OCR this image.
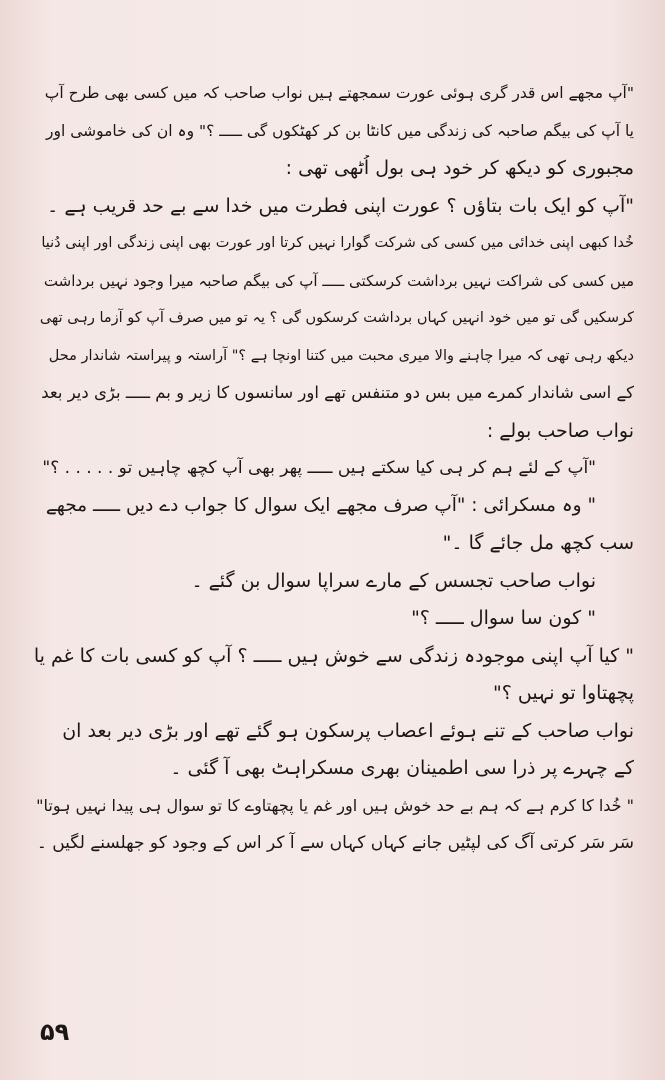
"آپ مجھے اس قدر گری ہوئی عورت سمجھتے ہیں نواب صاحب کہ میں کسی بھی طرح آپ
یا آپ کی بیگم صاحبہ کی زندگی میں کانٹا بن کر کھٹکوں گی ـــــ ؟" وہ ان کی خاموشی اور
مجبوری کو دیکھ کر خود ہی بول اُٹھی تھی :
"آپ کو ایک بات بتاؤں ؟ عورت اپنی فطرت میں خدا سے بے حد قریب ہے ۔
خُدا کبھی اپنی خدائی میں کسی کی شرکت گوارا نہیں کرتا اور عورت بھی اپنی زندگی اور اپنی دُنیا
میں کسی کی شراکت نہیں برداشت کرسکتی ـــــ آپ کی بیگم صاحبہ میرا وجود نہیں برداشت
کرسکیں گی تو میں خود انہیں کہاں برداشت کرسکوں گی ؟ یہ تو میں صرف آپ کو آزما رہی تھی
دیکھ رہی تھی کہ میرا چاہنے والا میری محبت میں کتنا اونچا ہے ؟" آراستہ و پیراستہ شاندار محل
کے اسی شاندار کمرے میں بس دو متنفس تھے اور سانسوں کا زیر و بم ـــــ بڑی دیر بعد
نواب صاحب بولے :
"آپ کے لئے ہم کر ہی کیا سکتے ہیں ـــــ پھر بھی آپ کچھ چاہیں تو . . . . . ؟"
" وہ مسکرائی : "آپ صرف مجھے ایک سوال کا جواب دے دیں ـــــ مجھے
سب کچھ مل جائے گا ۔"
نواب صاحب تجسس کے مارے سراپا سوال بن گئے ۔
" کون سا سوال ـــــ ؟"
" کیا آپ اپنی موجودہ زندگی سے خوش ہیں ـــــ ؟ آپ کو کسی بات کا غم یا
پچھتاوا تو نہیں ؟"
نواب صاحب کے تنے ہوئے اعصاب پرسکون ہو گئے تھے اور بڑی دیر بعد ان
کے چہرے پر ذرا سی اطمینان بھری مسکراہٹ بھی آ گئی ۔
" خُدا کا کرم ہے کہ ہم بے حد خوش ہیں اور غم یا پچھتاوے کا تو سوال ہی پیدا نہیں ہوتا"
سَر سَر کرتی آگ کی لپٹیں جانے کہاں کہاں سے آ کر اس کے وجود کو جھلسنے لگیں ۔
۵۹
